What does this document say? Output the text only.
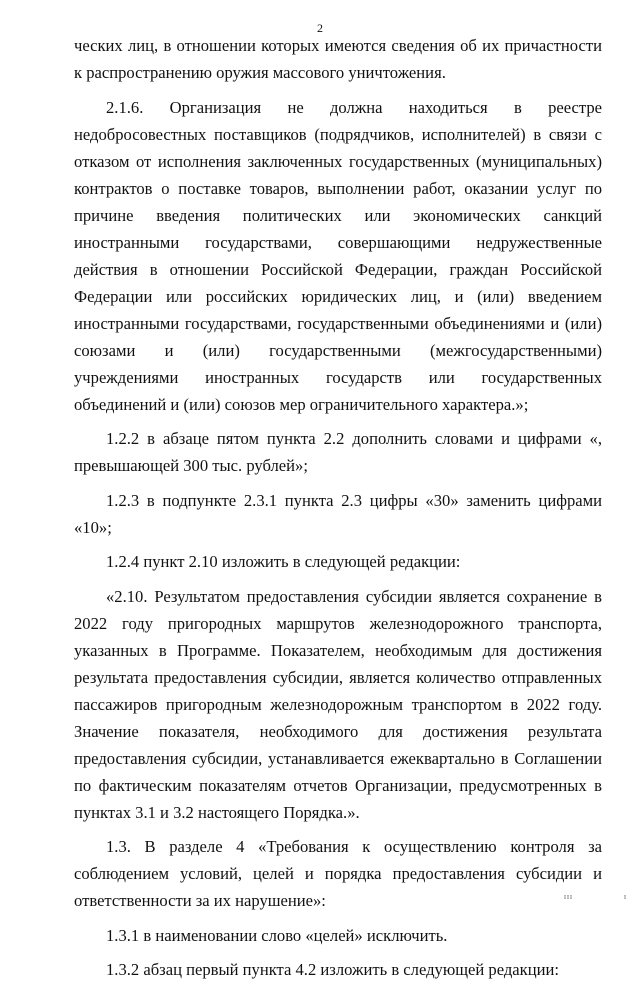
2

ческих лиц, в отношении которых имеются сведения об их причастности к распространению оружия массового уничтожения.

2.1.6. Организация не должна находиться в реестре недобросовестных поставщиков (подрядчиков, исполнителей) в связи с отказом от исполнения заключенных государственных (муниципальных) контрактов о поставке товаров, выполнении работ, оказании услуг по причине введения политических или экономических санкций иностранными государствами, совершающими недружественные действия в отношении Российской Федерации, граждан Российской Федерации или российских юридических лиц, и (или) введением иностранными государствами, государственными объединениями и (или) союзами и (или) государственными (межгосударственными) учреждениями иностранных государств или государственных объединений и (или) союзов мер ограничительного характера.»;

1.2.2 в абзаце пятом пункта 2.2 дополнить словами и цифрами «, превышающей 300 тыс. рублей»;

1.2.3 в подпункте 2.3.1 пункта 2.3 цифры «30» заменить цифрами «10»;

1.2.4 пункт 2.10 изложить в следующей редакции:

«2.10. Результатом предоставления субсидии является сохранение в 2022 году пригородных маршрутов железнодорожного транспорта, указанных в Программе. Показателем, необходимым для достижения результата предоставления субсидии, является количество отправленных пассажиров пригородным железнодорожным транспортом в 2022 году. Значение показателя, необходимого для достижения результата предоставления субсидии, устанавливается ежеквартально в Соглашении по фактическим показателям отчетов Организации, предусмотренных в пунктах 3.1 и 3.2 настоящего Порядка.».

1.3. В разделе 4 «Требования к осуществлению контроля за соблюдением условий, целей и порядка предоставления субсидии и ответственности за их нарушение»:

1.3.1 в наименовании слово «целей» исключить.

1.3.2 абзац первый пункта 4.2 изложить в следующей редакции:

III	I
